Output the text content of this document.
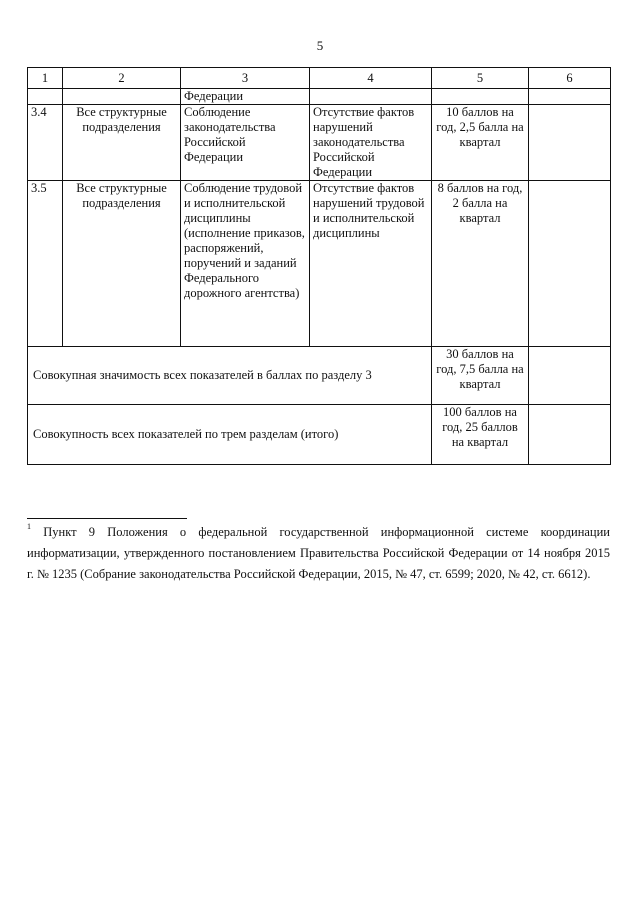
5
1	2	3	4	5	6
		Федерации			
3.4	Все структурные подразделения	Соблюдение законодательства Российской Федерации	Отсутствие фактов нарушений законодательства Российской Федерации	10 баллов на год, 2,5 балла на квартал	
3.5	Все структурные подразделения	Соблюдение трудовой и исполнительской дисциплины (исполнение приказов, распоряжений, поручений и заданий Федерального дорожного агентства)	Отсутствие фактов нарушений трудовой и исполнительской дисциплины	8 баллов на год, 2 балла на квартал	
Совокупная значимость всех показателей в баллах по разделу 3				30 баллов на год, 7,5 балла на квартал	
Совокупность всех показателей по трем разделам (итого)				100 баллов на год, 25 баллов на квартал	
$^1$ Пункт 9 Положения о федеральной государственной информационной системе координации информатизации, утвержденного постановлением Правительства Российской Федерации от 14 ноября 2015 г. № 1235 (Собрание законодательства Российской Федерации, 2015, № 47, ст. 6599; 2020, № 42, ст. 6612).
